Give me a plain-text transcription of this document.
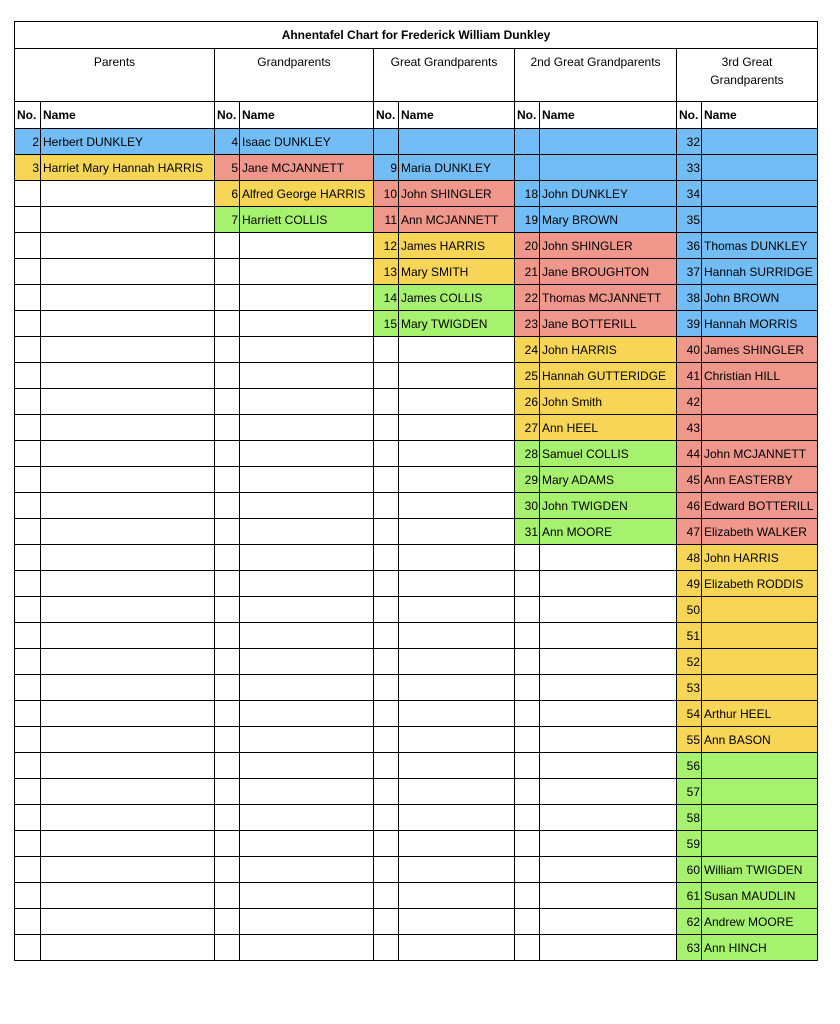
Ahnentafel Chart for Frederick William Dunkley									
Parents		Grandparents		Great Grandparents		2nd Great Grandparents		3rd Great Grandparents	
No.	Name	No.	Name	No.	Name	No.	Name	No.	Name
2	Herbert DUNKLEY	4	Isaac DUNKLEY					32	
3	Harriet Mary Hannah HARRIS	5	Jane MCJANNETT	9	Maria DUNKLEY			33	
		6	Alfred George HARRIS	10	John SHINGLER	18	John DUNKLEY	34	
		7	Harriett COLLIS	11	Ann MCJANNETT	19	Mary BROWN	35	
				12	James HARRIS	20	John SHINGLER	36	Thomas DUNKLEY
				13	Mary SMITH	21	Jane BROUGHTON	37	Hannah SURRIDGE
				14	James COLLIS	22	Thomas MCJANNETT	38	John BROWN
				15	Mary TWIGDEN	23	Jane BOTTERILL	39	Hannah MORRIS
						24	John HARRIS	40	James SHINGLER
						25	Hannah GUTTERIDGE	41	Christian HILL
						26	John Smith	42	
						27	Ann HEEL	43	
						28	Samuel COLLIS	44	John MCJANNETT
						29	Mary ADAMS	45	Ann EASTERBY
						30	John TWIGDEN	46	Edward BOTTERILL
						31	Ann MOORE	47	Elizabeth WALKER
								48	John HARRIS
								49	Elizabeth RODDIS
								50	
								51	
								52	
								53	
								54	Arthur HEEL
								55	Ann BASON
								56	
								57	
								58	
								59	
								60	William TWIGDEN
								61	Susan MAUDLIN
								62	Andrew MOORE
								63	Ann HINCH
